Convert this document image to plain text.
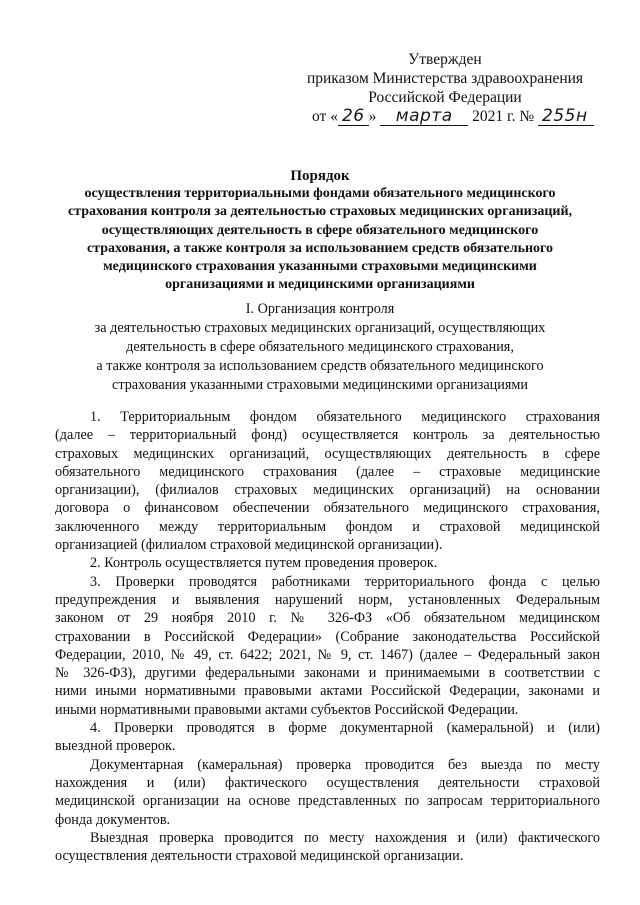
Утвержден
приказом Министерства здравоохранения
Российской Федерации
от « 26 » марта 2021 г. № 255н
Порядок
осуществления территориальными фондами обязательного медицинского
страхования контроля за деятельностью страховых медицинских организаций,
осуществляющих деятельность в сфере обязательного медицинского
страхования, а также контроля за использованием средств обязательного
медицинского страхования указанными страховыми медицинскими
организациями и медицинскими организациями
I. Организация контроля
за деятельностью страховых медицинских организаций, осуществляющих
деятельность в сфере обязательного медицинского страхования,
а также контроля за использованием средств обязательного медицинского
страхования указанными страховыми медицинскими организациями
1. Территориальным фондом обязательного медицинского страхования
(далее – территориальный фонд) осуществляется контроль за деятельностью
страховых медицинских организаций, осуществляющих деятельность в сфере
обязательного медицинского страхования (далее – страховые медицинские
организации), (филиалов страховых медицинских организаций) на основании
договора о финансовом обеспечении обязательного медицинского страхования,
заключенного между территориальным фондом и страховой медицинской
организацией (филиалом страховой медицинской организации).
2. Контроль осуществляется путем проведения проверок.
3. Проверки проводятся работниками территориального фонда с целью
предупреждения и выявления нарушений норм, установленных Федеральным
законом от 29 ноября 2010 г. № 326-ФЗ «Об обязательном медицинском
страховании в Российской Федерации» (Собрание законодательства Российской
Федерации, 2010, № 49, ст. 6422; 2021, № 9, ст. 1467) (далее – Федеральный закон
№ 326-ФЗ), другими федеральными законами и принимаемыми в соответствии с
ними иными нормативными правовыми актами Российской Федерации, законами и
иными нормативными правовыми актами субъектов Российской Федерации.
4. Проверки проводятся в форме документарной (камеральной) и (или)
выездной проверок.
Документарная (камеральная) проверка проводится без выезда по месту
нахождения и (или) фактического осуществления деятельности страховой
медицинской организации на основе представленных по запросам территориального
фонда документов.
Выездная проверка проводится по месту нахождения и (или) фактического
осуществления деятельности страховой медицинской организации.
